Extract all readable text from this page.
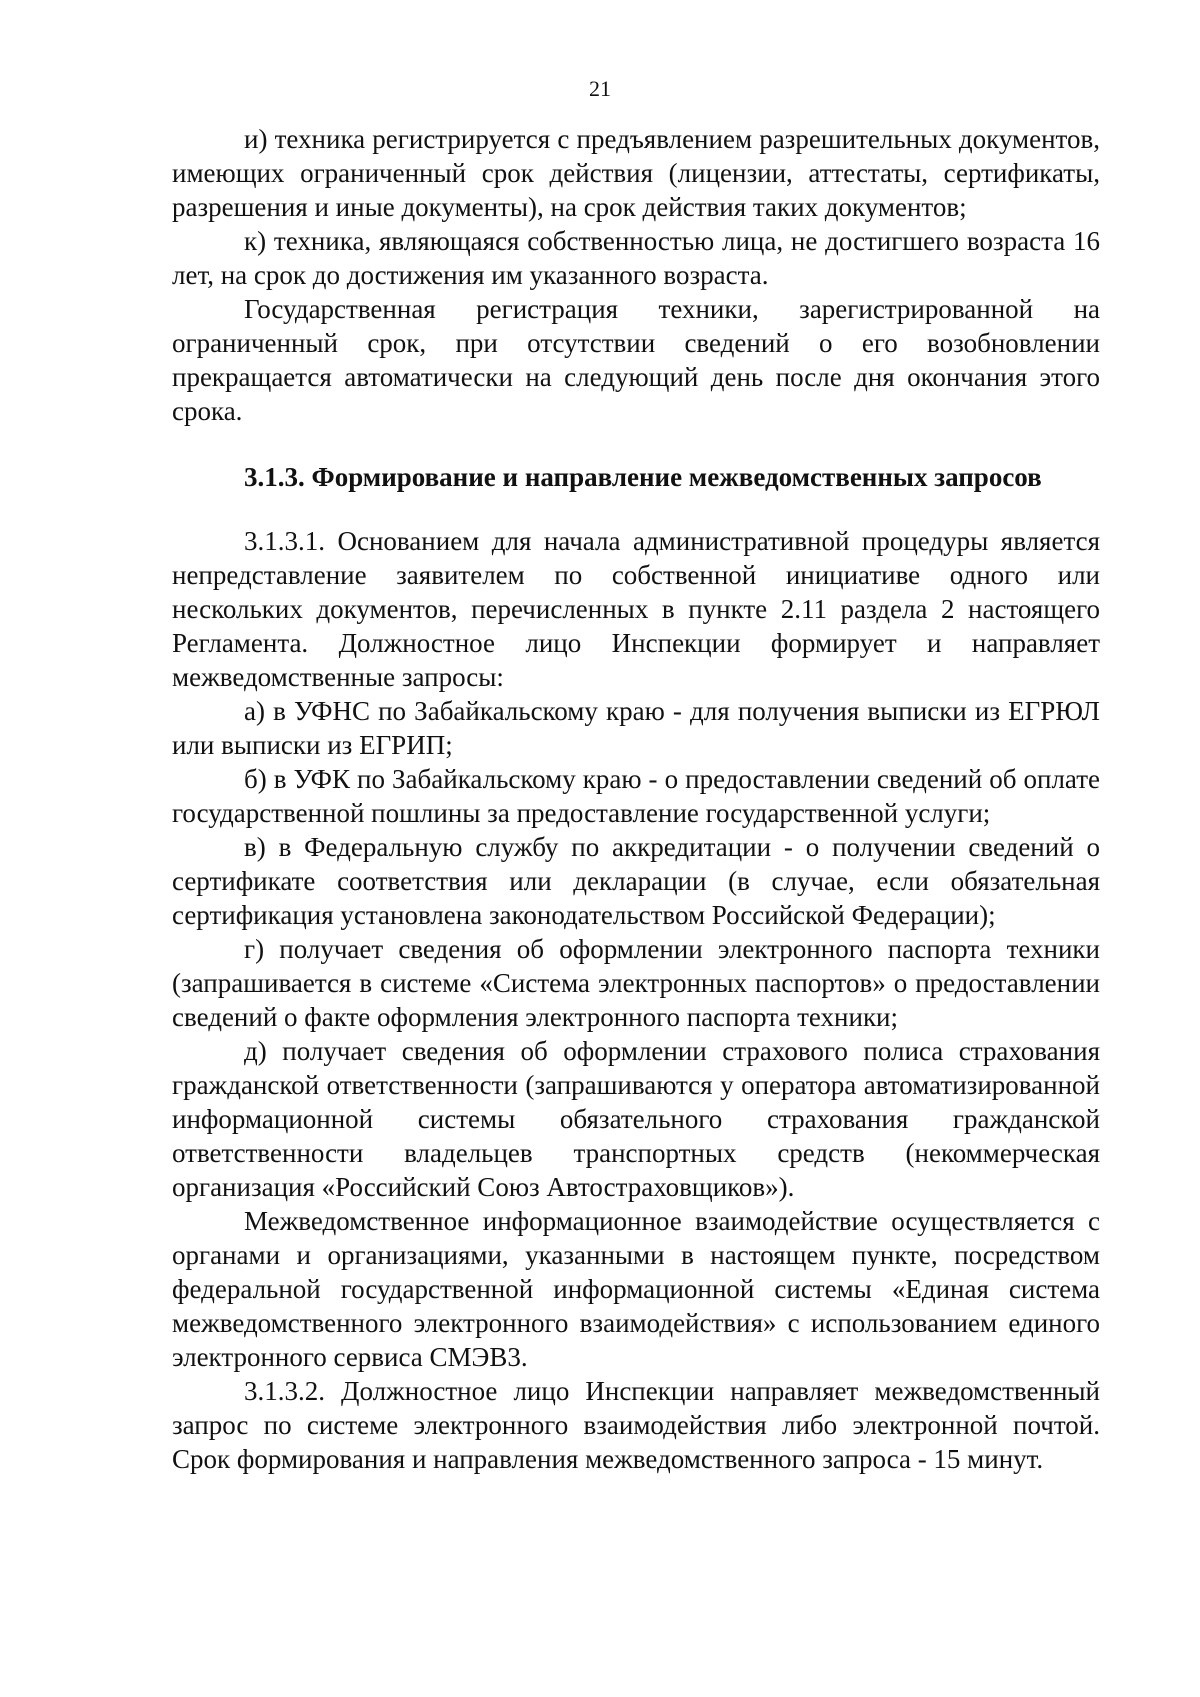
21

и) техника регистрируется с предъявлением разрешительных документов, имеющих ограниченный срок действия (лицензии, аттестаты, сертификаты, разрешения и иные документы), на срок действия таких документов;

к) техника, являющаяся собственностью лица, не достигшего возраста 16 лет, на срок до достижения им указанного возраста.

Государственная регистрация техники, зарегистрированной на ограниченный срок, при отсутствии сведений о его возобновлении прекращается автоматически на следующий день после дня окончания этого срока.

3.1.3. Формирование и направление межведомственных запросов

3.1.3.1. Основанием для начала административной процедуры является непредставление заявителем по собственной инициативе одного или нескольких документов, перечисленных в пункте 2.11 раздела 2 настоящего Регламента. Должностное лицо Инспекции формирует и направляет межведомственные запросы:

а) в УФНС по Забайкальскому краю - для получения выписки из ЕГРЮЛ или выписки из ЕГРИП;

б) в УФК по Забайкальскому краю - о предоставлении сведений об оплате государственной пошлины за предоставление государственной услуги;

в) в Федеральную службу по аккредитации - о получении сведений о сертификате соответствия или декларации (в случае, если обязательная сертификация установлена законодательством Российской Федерации);

г) получает сведения об оформлении электронного паспорта техники (запрашивается в системе «Система электронных паспортов» о предоставлении сведений о факте оформления электронного паспорта техники;

д) получает сведения об оформлении страхового полиса страхования гражданской ответственности (запрашиваются у оператора автоматизированной информационной системы обязательного страхования гражданской ответственности владельцев транспортных средств (некоммерческая организация «Российский Союз Автостраховщиков»).

Межведомственное информационное взаимодействие осуществляется с органами и организациями, указанными в настоящем пункте, посредством федеральной государственной информационной системы «Единая система межведомственного электронного взаимодействия» с использованием единого электронного сервиса СМЭВ3.

3.1.3.2. Должностное лицо Инспекции направляет межведомственный запрос по системе электронного взаимодействия либо электронной почтой. Срок формирования и направления межведомственного запроса - 15 минут.
